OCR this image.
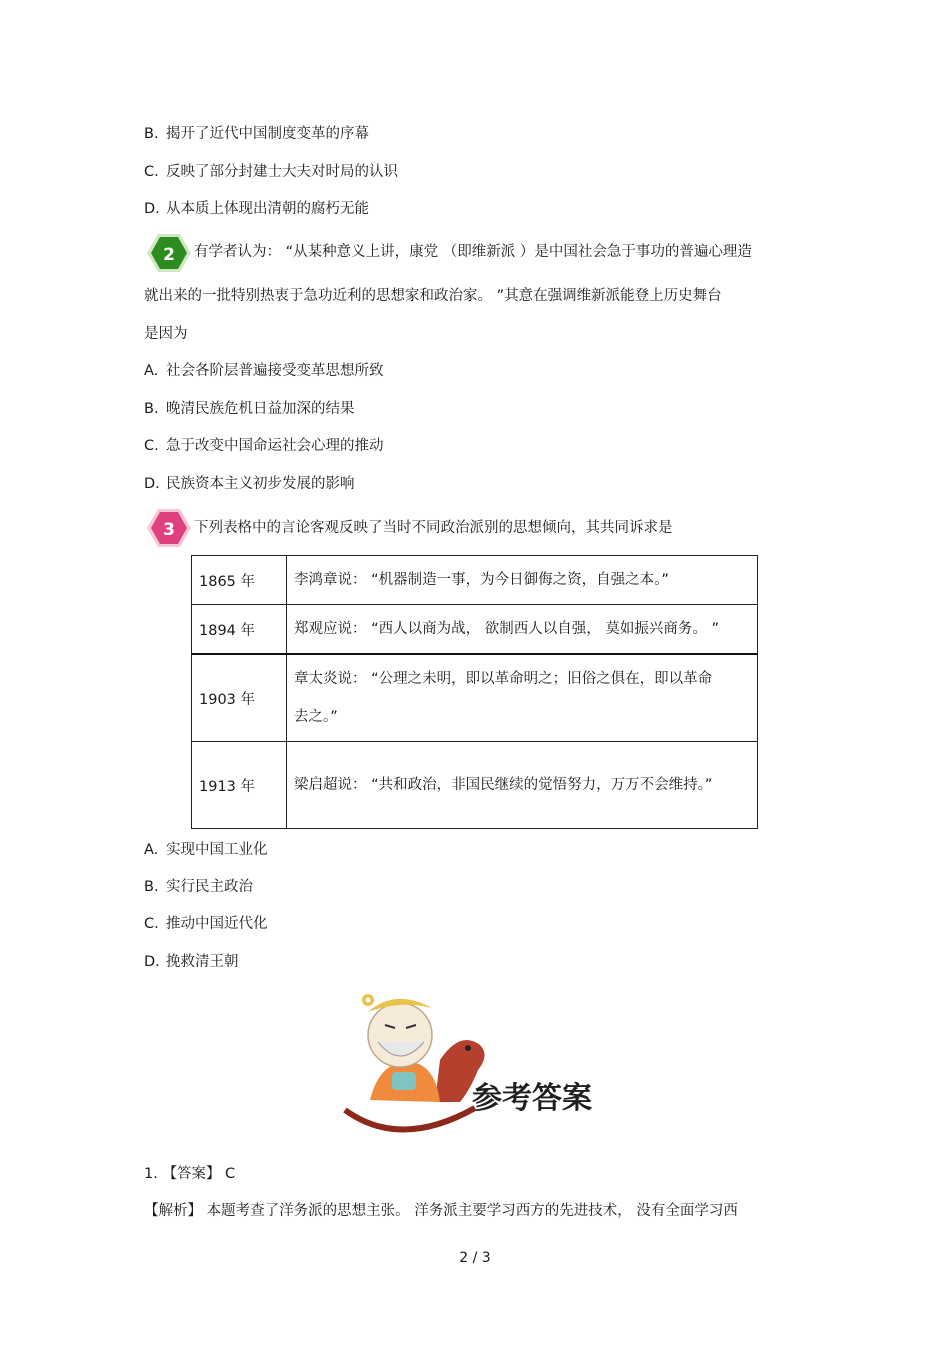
B. 揭开了近代中国制度变革的序幕
C. 反映了部分封建士大夫对时局的认识
D. 从本质上体现出清朝的腐朽无能
2 有学者认为： “从某种意义上讲，康党 （即维新派 ）是中国社会急于事功的普遍心理造
就出来的一批特别热衷于急功近利的思想家和政治家。 ”其意在强调维新派能登上历史舞台
是因为
A. 社会各阶层普遍接受变革思想所致
B. 晚清民族危机日益加深的结果
C. 急于改变中国命运社会心理的推动
D. 民族资本主义初步发展的影响
3 下列表格中的言论客观反映了当时不同政治派别的思想倾向，其共同诉求是
1865 年	李鸿章说： “机器制造一事，为今日御侮之资，自强之本。”

1894 年	郑观应说： “西人以商为战， 欲制西人以自强， 莫如振兴商务。 ”

1903 年	章太炎说： “公理之未明，即以革命明之；旧俗之俱在，即以革命去之。”

1913 年	梁启超说： “共和政治，非国民继续的觉悟努力，万万不会维持。”
A. 实现中国工业化
B. 实行民主政治
C. 推动中国近代化
D. 挽救清王朝
参考答案
1. 【答案】 C
【解析】 本题考查了洋务派的思想主张。 洋务派主要学习西方的先进技术， 没有全面学习西
2 / 3
